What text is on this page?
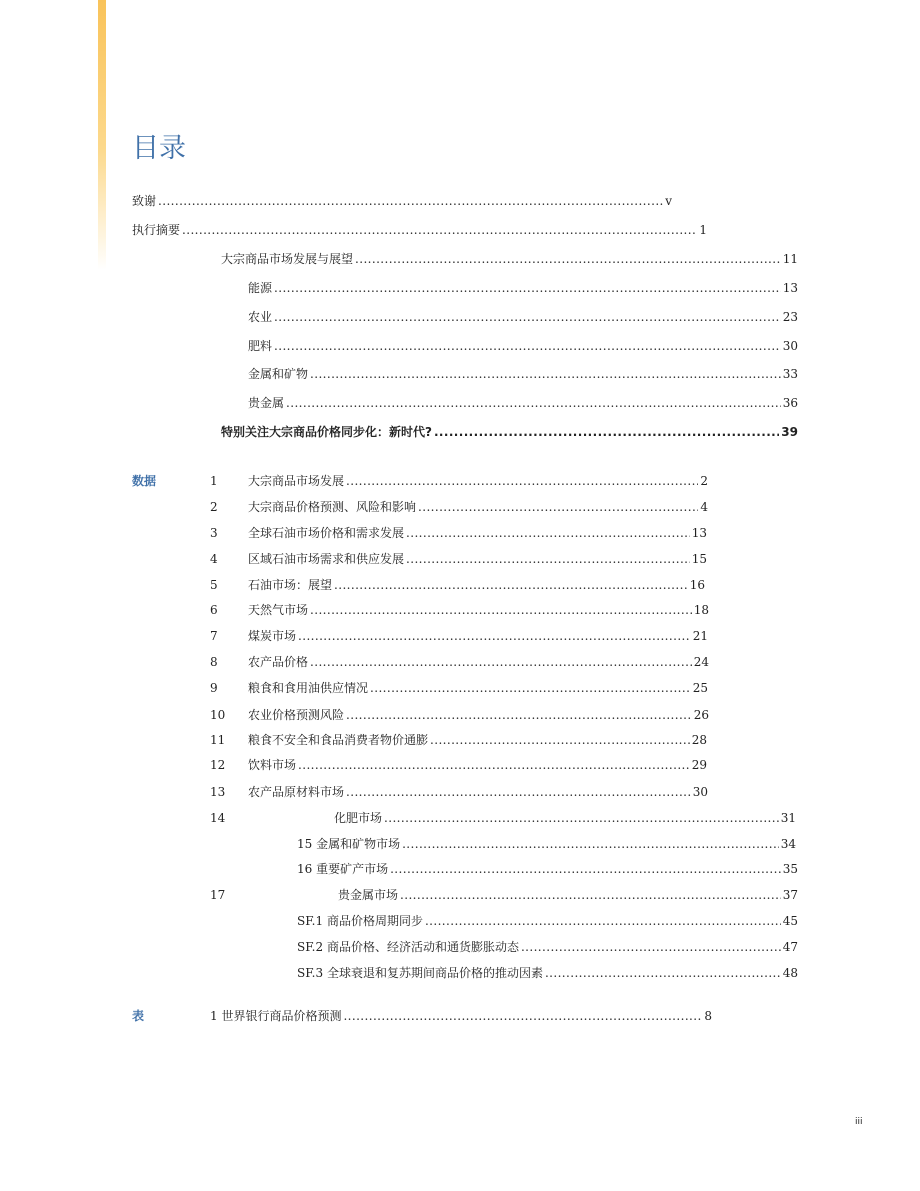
目录
致谢 .....	v
执行摘要 .....	1
大宗商品市场发展与展望 .....	11
能源 .....	13
农业 .....	23
肥料 .....	30
金属和矿物 .....	33
贵金属 .....	36
特别关注大宗商品价格同步化：新时代? .....	39
数据	1	大宗商品市场发展 .....	2
2	大宗商品价格预测、风险和影响 .....	4
3	全球石油市场价格和需求发展 .....	13
4	区域石油市场需求和供应发展 .....	15
5	石油市场：展望 .....	16
6	天然气市场 .....	18
7	煤炭市场 .....	21
8	农产品价格 .....	24
9	粮食和食用油供应情况 .....	25
10 农业价格预测风险 .....	26
11 粮食不安全和食品消费者物价通膨 .....	28
12 饮料市场 .....	29
13 农产品原材料市场 .....	30
14	化肥市场 .....	31
15 金属和矿物市场 .....	34
16 重要矿产市场 .....	35
17	贵金属市场 .....	37
SF.1 商品价格周期同步 .....	45
SF.2 商品价格、经济活动和通货膨胀动态 .....	47
SF.3 全球衰退和复苏期间商品价格的推动因素 .....	48
表	1 世界银行商品价格预测 .....	8
iii
